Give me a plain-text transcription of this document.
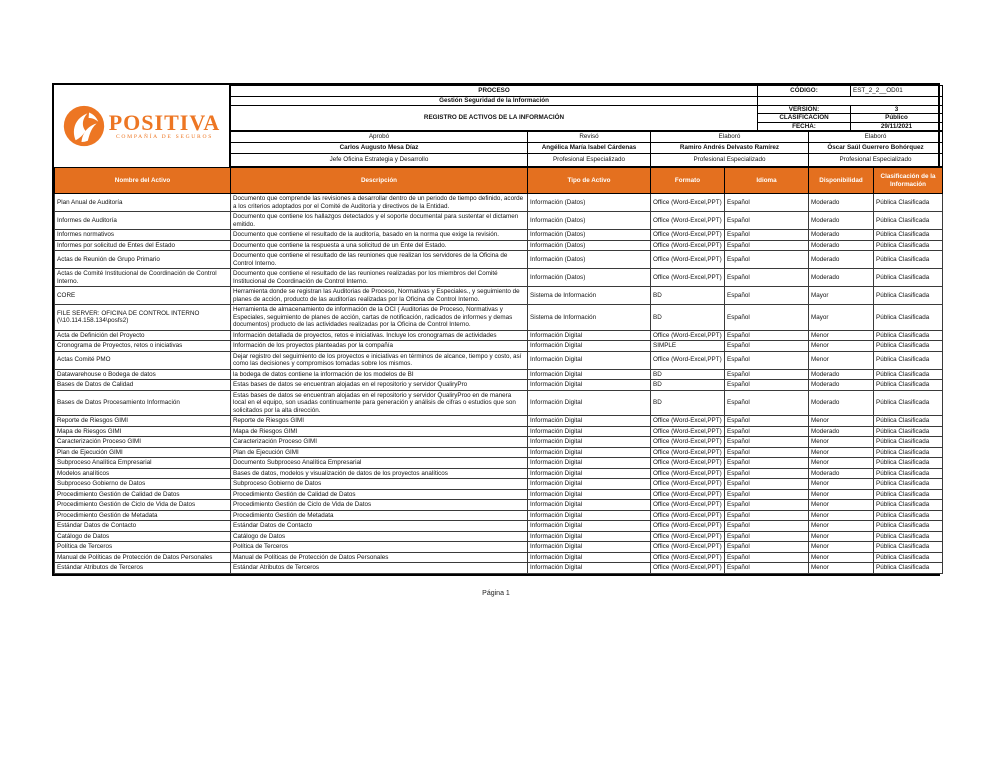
POSITIVA
COMPAÑÍA DE SEGUROS
PROCESO	CÓDIGO:	EST_2_2__OD01
Gestión Seguridad de la Información		
REGISTRO DE ACTIVOS DE LA INFORMACIÓN	VERSIÓN:	3
	CLASIFICACIÓN	Público
	FECHA:	29/11/2021
Aprobó	Revisó	Elaboró	Elaboró
Carlos Augusto Mesa Díaz	Angélica María Isabel Cárdenas	Ramiro Andrés Delvasto Ramírez	Óscar Saúl Guerrero Bohórquez
Jefe Oficina Estrategia y Desarrollo	Profesional Especializado	Profesional Especializado	Profesional Especializado
Nombre del Activo	Descripción	Tipo de Activo	Formato	Idioma	Disponibilidad	Clasificación de la Información
Plan Anual de Auditoría	Documento que comprende las revisiones a desarrollar dentro de un periodo de tiempo definido, acorde a los criterios adoptados por el Comité de Auditoría y directivos de la Entidad.	Información (Datos)	Office (Word-Excel,PPT)	Español	Moderado	Pública Clasificada
Informes de Auditoría	Documento que contiene los hallazgos detectados y el soporte documental para sustentar el dictamen emitido.	Información (Datos)	Office (Word-Excel,PPT)	Español	Moderado	Pública Clasificada
Informes normativos	Documento que contiene el resultado de la auditoría, basado en la norma que exige la revisión.	Información (Datos)	Office (Word-Excel,PPT)	Español	Moderado	Pública Clasificada
Informes por solicitud de Entes del Estado	Documento que contiene la respuesta a una solicitud de un Ente del Estado.	Información (Datos)	Office (Word-Excel,PPT)	Español	Moderado	Pública Clasificada
Actas de Reunión de Grupo Primario	Documento que contiene el resultado de las reuniones que realizan los servidores de la Oficina de Control Interno.	Información (Datos)	Office (Word-Excel,PPT)	Español	Moderado	Pública Clasificada
Actas de Comité Institucional de Coordinación de Control Interno.	Documento que contiene el resultado de las reuniones realizadas por los miembros del Comité Institucional de Coordinación de Control Interno.	Información (Datos)	Office (Word-Excel,PPT)	Español	Moderado	Pública Clasificada
CORE	Herramienta donde se registran las Auditorias de Proceso, Normativas y Especiales., y seguimiento de planes de acción, producto de las auditorías realizadas por la Oficina de Control Interno.	Sistema de Información	BD	Español	Mayor	Pública Clasificada
FILE SERVER: OFICINA DE CONTROL INTERNO (\\10.114.158.134\posfs2)	Herramienta de almacenamiento de información de la OCI ( Auditorias de Proceso, Normativas y Especiales, seguimiento de planes de acción, cartas de notificación, radicados de informes y demas documentos) producto de las actividades realizadas por la Oficina de Control Interno.	Sistema de Información	BD	Español	Mayor	Pública Clasificada
Acta de Definición del Proyecto	Información detallada de proyectos, retos e iniciativas. Incluye los cronogramas de actividades	Información Digital	Office (Word-Excel,PPT)	Español	Menor	Pública Clasificada
Cronograma de Proyectos, retos o iniciativas	Información de los proyectos planteadas por la compañía	Información Digital	SIMPLE	Español	Menor	Pública Clasificada
Actas Comité PMO	Dejar registro del seguimiento de los proyectos e iniciativas en términos de alcance, tiempo y costo, así como las decisiones y compromisos tomadas sobre los mismos.	Información Digital	Office (Word-Excel,PPT)	Español	Menor	Pública Clasificada
Datawarehouse o Bodega de datos	la bodega de datos contiene la información de los modelos de BI	Información Digital	BD	Español	Moderado	Pública Clasificada
Bases de Datos de Calidad	Estas bases de datos se encuentran alojadas en el repositorio y servidor QualiryPro	Información Digital	BD	Español	Moderado	Pública Clasificada
Bases de Datos Procesamiento Información	Estas bases de datos se encuentran alojadas en el repositorio y servidor QualiryProo en de manera local en el equipo, son usadas continuamente para generación y análisis de cifras o estudios que son solicitados por la alta dirección.	Información Digital	BD	Español	Moderado	Pública Clasificada
Reporte de Riesgos GIMI	Reporte de Riesgos GIMI	Información Digital	Office (Word-Excel,PPT)	Español	Menor	Pública Clasificada
Mapa de Riesgos GIMI	Mapa de Riesgos GIMI	Información Digital	Office (Word-Excel,PPT)	Español	Moderado	Pública Clasificada
Caracterización Proceso GIMI	Caracterización Proceso GIMI	Información Digital	Office (Word-Excel,PPT)	Español	Menor	Pública Clasificada
Plan de Ejecución GIMI	Plan de Ejecución GIMI	Información Digital	Office (Word-Excel,PPT)	Español	Menor	Pública Clasificada
Subproceso Analítica Empresarial	Documento Subproceso Analítica Empresarial	Información Digital	Office (Word-Excel,PPT)	Español	Menor	Pública Clasificada
Modelos analíticos	Bases de datos, modelos y visualización de datos de los proyectos analíticos	Información Digital	Office (Word-Excel,PPT)	Español	Moderado	Pública Clasificada
Subproceso Gobierno de Datos	Subproceso Gobierno de Datos	Información Digital	Office (Word-Excel,PPT)	Español	Menor	Pública Clasificada
Procedimiento Gestión de Calidad de Datos	Procedimiento Gestión de Calidad de Datos	Información Digital	Office (Word-Excel,PPT)	Español	Menor	Pública Clasificada
Procedimiento Gestión de Ciclo de Vida de Datos	Procedimiento Gestión de Ciclo de Vida de Datos	Información Digital	Office (Word-Excel,PPT)	Español	Menor	Pública Clasificada
Procedimiento Gestión de Metadata	Procedimiento Gestión de Metadata	Información Digital	Office (Word-Excel,PPT)	Español	Menor	Pública Clasificada
Estándar Datos de Contacto	Estándar Datos de Contacto	Información Digital	Office (Word-Excel,PPT)	Español	Menor	Pública Clasificada
Catálogo de Datos	Catálogo de Datos	Información Digital	Office (Word-Excel,PPT)	Español	Menor	Pública Clasificada
Política de Terceros	Política de Terceros	Información Digital	Office (Word-Excel,PPT)	Español	Menor	Pública Clasificada
Manual de Políticas de Protección de Datos Personales	Manual de Políticas de Protección de Datos Personales	Información Digital	Office (Word-Excel,PPT)	Español	Menor	Pública Clasificada
Estándar Atributos de Terceros	Estándar Atributos de Terceros	Información Digital	Office (Word-Excel,PPT)	Español	Menor	Pública Clasificada
Página 1
